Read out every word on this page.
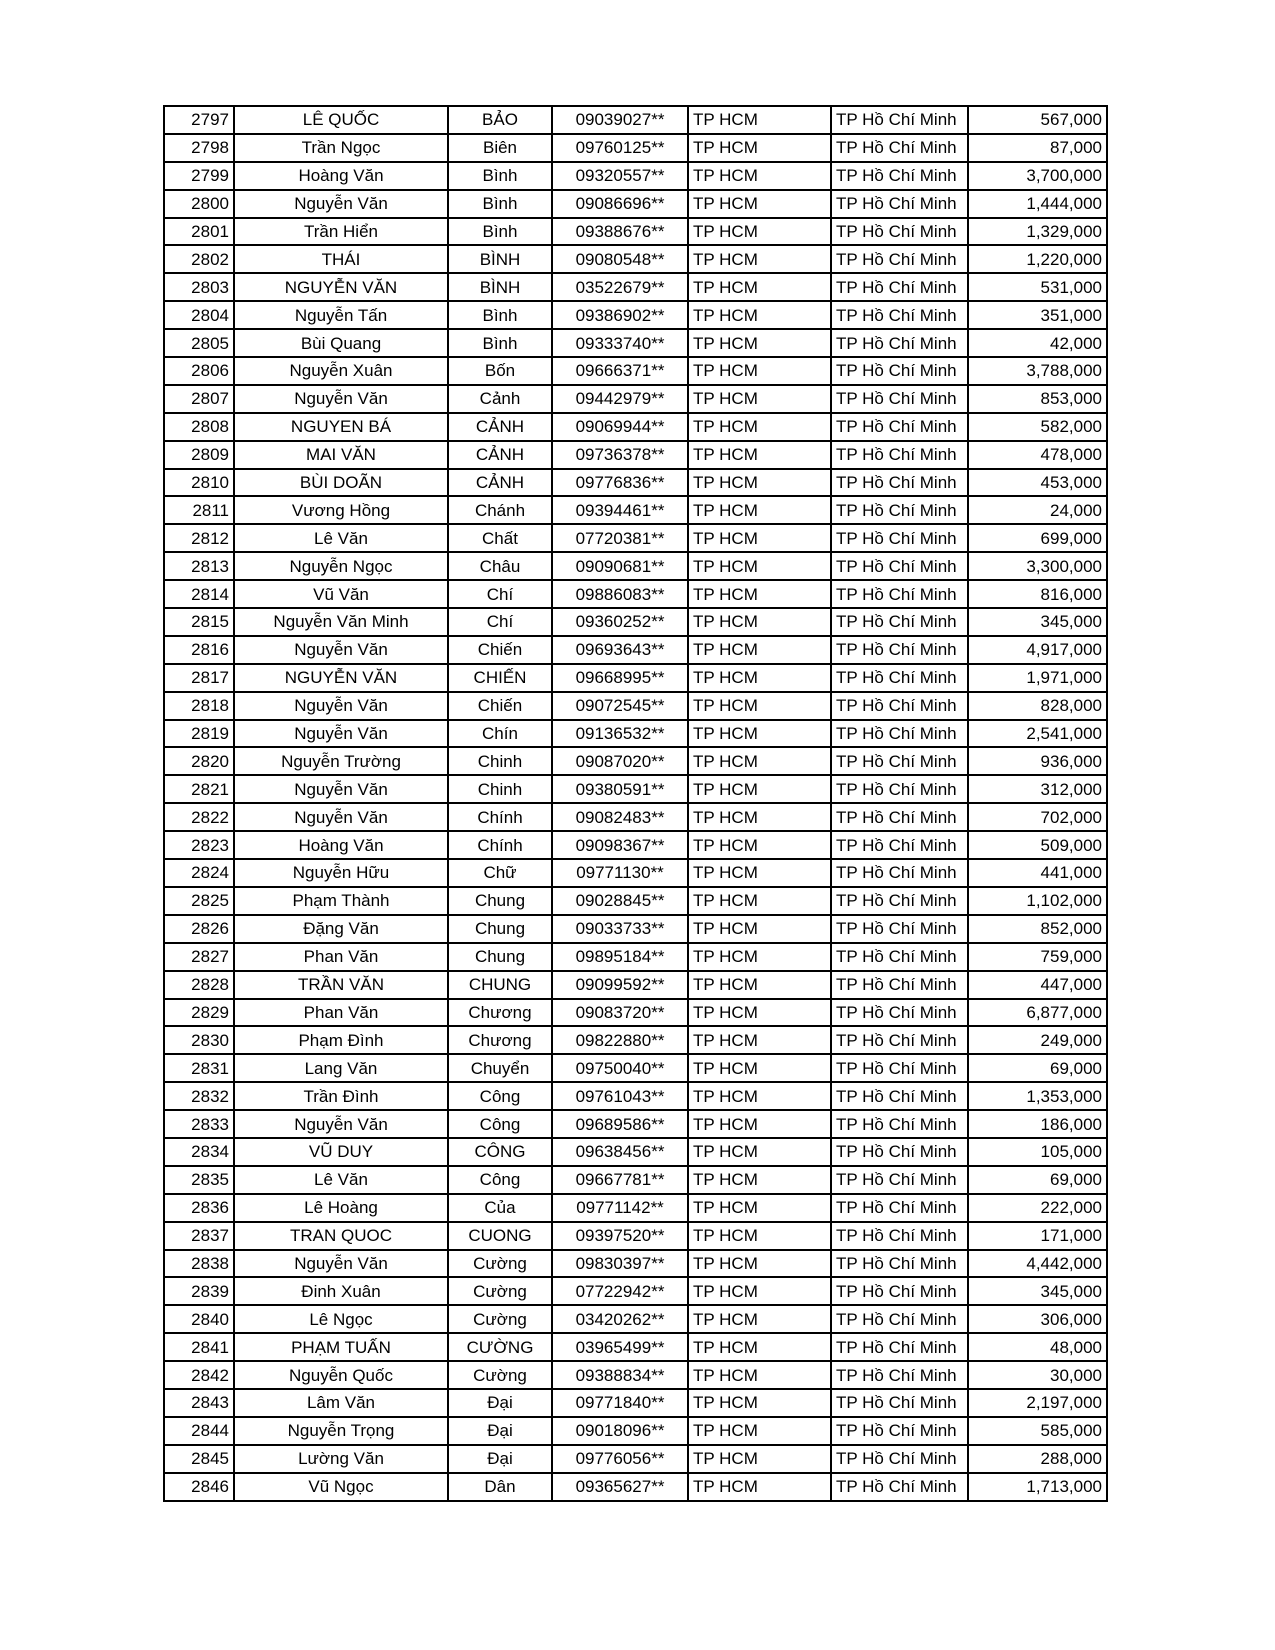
2797	LÊ QUỐC	BẢO	09039027**	TP HCM	TP Hồ Chí Minh	567,000
2798	Trần Ngọc	Biên	09760125**	TP HCM	TP Hồ Chí Minh	87,000
2799	Hoàng Văn	Bình	09320557**	TP HCM	TP Hồ Chí Minh	3,700,000
2800	Nguyễn Văn	Bình	09086696**	TP HCM	TP Hồ Chí Minh	1,444,000
2801	Trần Hiển	Bình	09388676**	TP HCM	TP Hồ Chí Minh	1,329,000
2802	THÁI	BÌNH	09080548**	TP HCM	TP Hồ Chí Minh	1,220,000
2803	NGUYỄN VĂN	BÌNH	03522679**	TP HCM	TP Hồ Chí Minh	531,000
2804	Nguyễn Tấn	Bình	09386902**	TP HCM	TP Hồ Chí Minh	351,000
2805	Bùi Quang	Bình	09333740**	TP HCM	TP Hồ Chí Minh	42,000
2806	Nguyễn Xuân	Bốn	09666371**	TP HCM	TP Hồ Chí Minh	3,788,000
2807	Nguyễn Văn	Cảnh	09442979**	TP HCM	TP Hồ Chí Minh	853,000
2808	NGUYEN BÁ	CẢNH	09069944**	TP HCM	TP Hồ Chí Minh	582,000
2809	MAI VĂN	CẢNH	09736378**	TP HCM	TP Hồ Chí Minh	478,000
2810	BÙI DOÃN	CẢNH	09776836**	TP HCM	TP Hồ Chí Minh	453,000
2811	Vương Hồng	Chánh	09394461**	TP HCM	TP Hồ Chí Minh	24,000
2812	Lê Văn	Chất	07720381**	TP HCM	TP Hồ Chí Minh	699,000
2813	Nguyễn Ngọc	Châu	09090681**	TP HCM	TP Hồ Chí Minh	3,300,000
2814	Vũ Văn	Chí	09886083**	TP HCM	TP Hồ Chí Minh	816,000
2815	Nguyễn Văn Minh	Chí	09360252**	TP HCM	TP Hồ Chí Minh	345,000
2816	Nguyễn Văn	Chiến	09693643**	TP HCM	TP Hồ Chí Minh	4,917,000
2817	NGUYỄN VĂN	CHIẾN	09668995**	TP HCM	TP Hồ Chí Minh	1,971,000
2818	Nguyễn Văn	Chiến	09072545**	TP HCM	TP Hồ Chí Minh	828,000
2819	Nguyễn Văn	Chín	09136532**	TP HCM	TP Hồ Chí Minh	2,541,000
2820	Nguyễn Trường	Chinh	09087020**	TP HCM	TP Hồ Chí Minh	936,000
2821	Nguyễn Văn	Chinh	09380591**	TP HCM	TP Hồ Chí Minh	312,000
2822	Nguyễn Văn	Chính	09082483**	TP HCM	TP Hồ Chí Minh	702,000
2823	Hoàng Văn	Chính	09098367**	TP HCM	TP Hồ Chí Minh	509,000
2824	Nguyễn Hữu	Chữ	09771130**	TP HCM	TP Hồ Chí Minh	441,000
2825	Phạm Thành	Chung	09028845**	TP HCM	TP Hồ Chí Minh	1,102,000
2826	Đặng Văn	Chung	09033733**	TP HCM	TP Hồ Chí Minh	852,000
2827	Phan Văn	Chung	09895184**	TP HCM	TP Hồ Chí Minh	759,000
2828	TRẦN VĂN	CHUNG	09099592**	TP HCM	TP Hồ Chí Minh	447,000
2829	Phan Văn	Chương	09083720**	TP HCM	TP Hồ Chí Minh	6,877,000
2830	Phạm Đình	Chương	09822880**	TP HCM	TP Hồ Chí Minh	249,000
2831	Lang Văn	Chuyển	09750040**	TP HCM	TP Hồ Chí Minh	69,000
2832	Trần Đình	Công	09761043**	TP HCM	TP Hồ Chí Minh	1,353,000
2833	Nguyễn Văn	Công	09689586**	TP HCM	TP Hồ Chí Minh	186,000
2834	VŨ DUY	CÔNG	09638456**	TP HCM	TP Hồ Chí Minh	105,000
2835	Lê Văn	Công	09667781**	TP HCM	TP Hồ Chí Minh	69,000
2836	Lê Hoàng	Của	09771142**	TP HCM	TP Hồ Chí Minh	222,000
2837	TRAN QUOC	CUONG	09397520**	TP HCM	TP Hồ Chí Minh	171,000
2838	Nguyễn Văn	Cường	09830397**	TP HCM	TP Hồ Chí Minh	4,442,000
2839	Đinh Xuân	Cường	07722942**	TP HCM	TP Hồ Chí Minh	345,000
2840	Lê Ngọc	Cường	03420262**	TP HCM	TP Hồ Chí Minh	306,000
2841	PHẠM TUẤN	CƯỜNG	03965499**	TP HCM	TP Hồ Chí Minh	48,000
2842	Nguyễn Quốc	Cường	09388834**	TP HCM	TP Hồ Chí Minh	30,000
2843	Lâm Văn	Đại	09771840**	TP HCM	TP Hồ Chí Minh	2,197,000
2844	Nguyễn Trọng	Đại	09018096**	TP HCM	TP Hồ Chí Minh	585,000
2845	Lường Văn	Đại	09776056**	TP HCM	TP Hồ Chí Minh	288,000
2846	Vũ Ngọc	Dân	09365627**	TP HCM	TP Hồ Chí Minh	1,713,000
